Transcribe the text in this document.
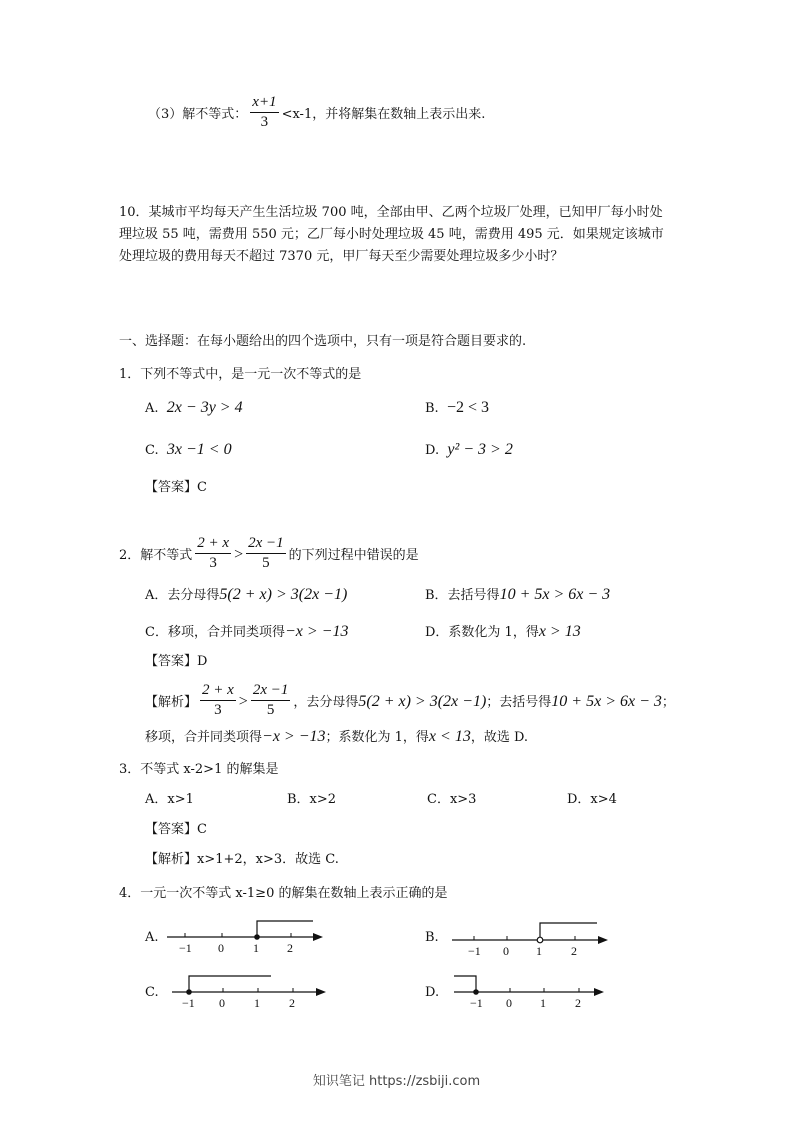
（3）解不等式： $\frac{x+1}{3} <x-1$，并将解集在数轴上表示出来.
10．某城市平均每天产生生活垃圾 700 吨，全部由甲、乙两个垃圾厂处理，已知甲厂每小时处理垃圾 55 吨，需费用 550 元；乙厂每小时处理垃圾 45 吨，需费用 495 元．如果规定该城市处理垃圾的费用每天不超过 7370 元，甲厂每天至少需要处理垃圾多少小时？
一、选择题：在每小题给出的四个选项中，只有一项是符合题目要求的.
1．下列不等式中，是一元一次不等式的是
A. 2x − 3y > 4	B. −2 < 3
C. 3x −1 < 0	D. y² − 3 > 2
【答案】C
2．解不等式 $\frac{2 + x}{3} > \frac{2x -1}{5}$ 的下列过程中错误的是
A．去分母得5(2 + x) > 3(2x −1)	B．去括号得10 + 5x > 6x − 3
C．移项，合并同类项得−x > −13	D．系数化为 1，得x > 13
【答案】D
【解析】 $\frac{2 + x}{3} > \frac{2x -1}{5}$ ，去分母得5(2 + x) > 3(2x −1)；去括号得10 + 5x > 6x − 3；
移项，合并同类项得−x > −13；系数化为 1，得x < 13，故选 D.
3．不等式 x-2>1 的解集是
A．x>1	B．x>2	C．x>3	D．x>4
【答案】C
【解析】x>1+2，x>3．故选 C.
4．一元一次不等式 x-1≥0 的解集在数轴上表示正确的是
A.
−1 0 1 2
B.
−1 0 1 2
C.
−1 0 1 2
D.
−1 0 1 2
知识笔记 https://zsbiji.com
